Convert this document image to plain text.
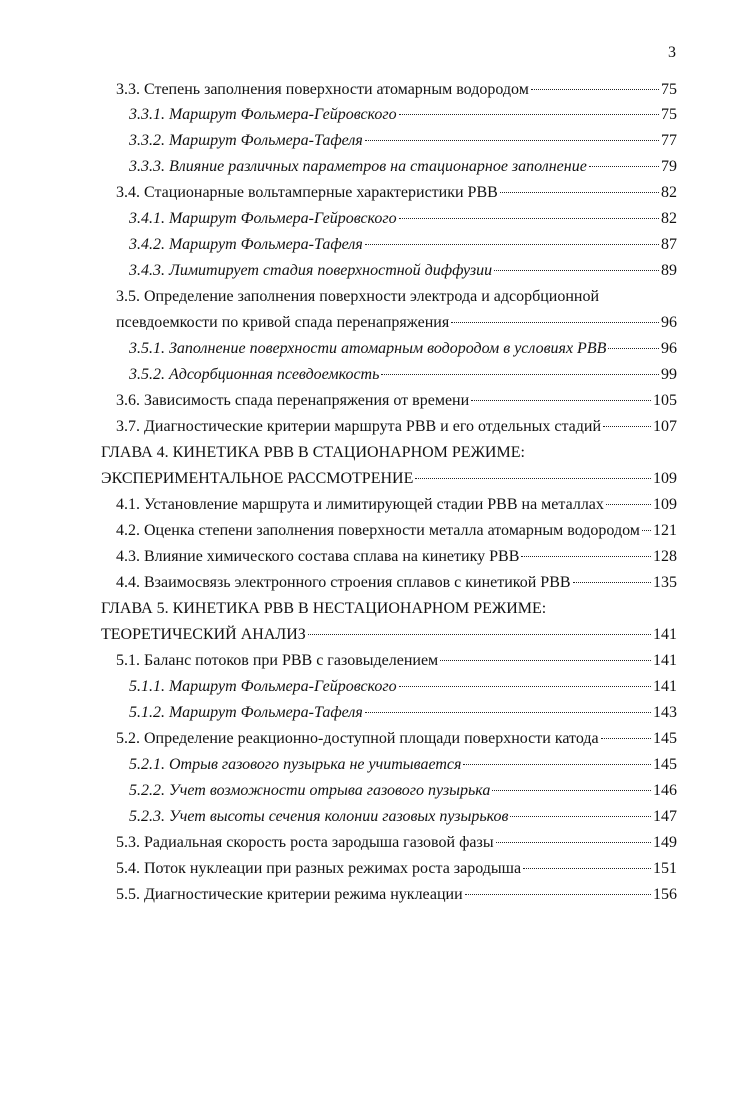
3
3.3. Степень заполнения поверхности атомарным водородом	75
3.3.1. Маршрут Фольмера-Гейровского	75
3.3.2. Маршрут Фольмера-Тафеля	77
3.3.3. Влияние различных параметров на стационарное заполнение	79
3.4. Стационарные вольтамперные характеристики РВВ	82
3.4.1. Маршрут Фольмера-Гейровского	82
3.4.2. Маршрут Фольмера-Тафеля	87
3.4.3. Лимитирует стадия поверхностной диффузии	89
3.5. Определение заполнения поверхности электрода и адсорбционной
псевдоемкости по кривой спада перенапряжения	96
3.5.1. Заполнение поверхности атомарным водородом в условиях РВВ	96
3.5.2. Адсорбционная псевдоемкость	99
3.6. Зависимость спада перенапряжения от времени	105
3.7. Диагностические критерии маршрута РВВ и его отдельных стадий	107
ГЛАВА 4. КИНЕТИКА РВВ В СТАЦИОНАРНОМ РЕЖИМЕ:
ЭКСПЕРИМЕНТАЛЬНОЕ РАССМОТРЕНИЕ	109
4.1. Установление маршрута и лимитирующей стадии РВВ на металлах	109
4.2. Оценка степени заполнения поверхности металла атомарным водородом 121
4.3. Влияние химического состава сплава на кинетику РВВ	128
4.4. Взаимосвязь электронного строения сплавов с кинетикой РВВ	135
ГЛАВА 5. КИНЕТИКА РВВ В НЕСТАЦИОНАРНОМ РЕЖИМЕ:
ТЕОРЕТИЧЕСКИЙ АНАЛИЗ	141
5.1. Баланс потоков при РВВ с газовыделением	141
5.1.1. Маршрут Фольмера-Гейровского	141
5.1.2. Маршрут Фольмера-Тафеля	143
5.2. Определение реакционно-доступной площади поверхности катода	145
5.2.1. Отрыв газового пузырька не учитывается	145
5.2.2. Учет возможности отрыва газового пузырька	146
5.2.3. Учет высоты сечения колонии газовых пузырьков	147
5.3. Радиальная скорость роста зародыша газовой фазы	149
5.4. Поток нуклеации при разных режимах роста зародыша	151
5.5. Диагностические критерии режима нуклеации	156
